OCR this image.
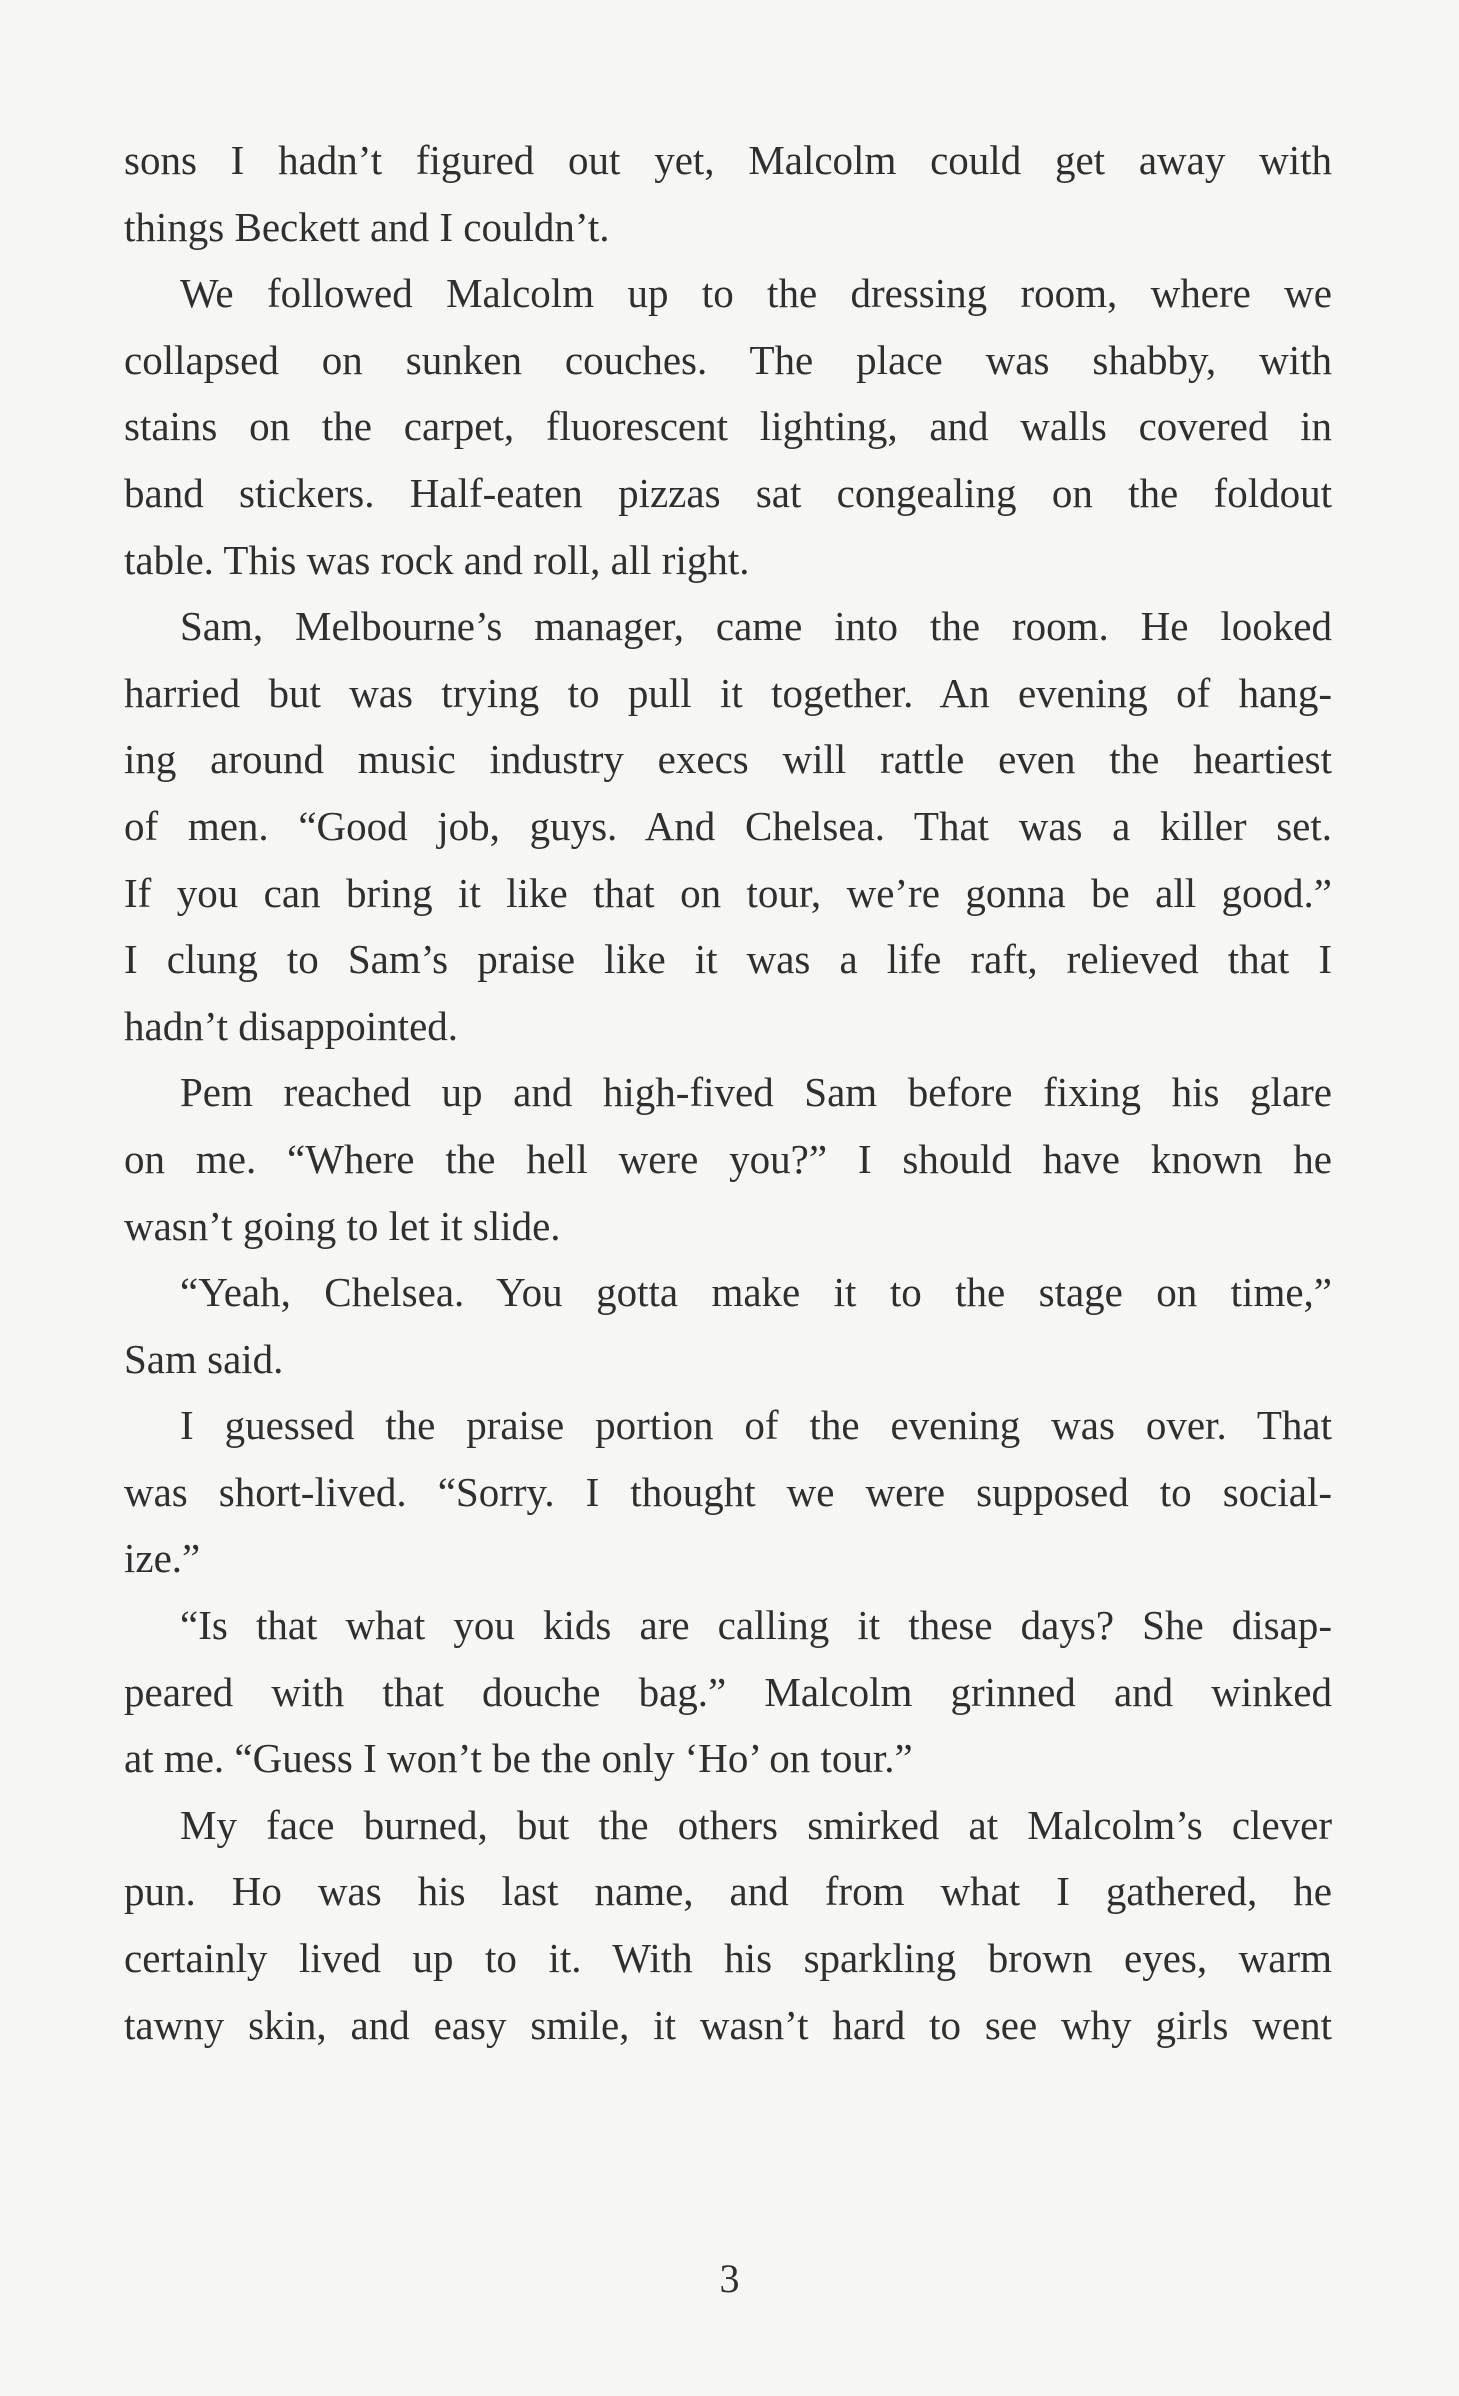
sons I hadn’t figured out yet, Malcolm could get away with
things Beckett and I couldn’t.
We followed Malcolm up to the dressing room, where we
collapsed on sunken couches. The place was shabby, with
stains on the carpet, fluorescent lighting, and walls covered in
band stickers. Half-eaten pizzas sat congealing on the foldout
table. This was rock and roll, all right.
Sam, Melbourne’s manager, came into the room. He looked
harried but was trying to pull it together. An evening of hang-
ing around music industry execs will rattle even the heartiest
of men. “Good job, guys. And Chelsea. That was a killer set.
If you can bring it like that on tour, we’re gonna be all good.”
I clung to Sam’s praise like it was a life raft, relieved that I
hadn’t disappointed.
Pem reached up and high-fived Sam before fixing his glare
on me. “Where the hell were you?” I should have known he
wasn’t going to let it slide.
“Yeah, Chelsea. You gotta make it to the stage on time,”
Sam said.
I guessed the praise portion of the evening was over. That
was short-lived. “Sorry. I thought we were supposed to social-
ize.”
“Is that what you kids are calling it these days? She disap-
peared with that douche bag.” Malcolm grinned and winked
at me. “Guess I won’t be the only ‘Ho’ on tour.”
My face burned, but the others smirked at Malcolm’s clever
pun. Ho was his last name, and from what I gathered, he
certainly lived up to it. With his sparkling brown eyes, warm
tawny skin, and easy smile, it wasn’t hard to see why girls went
3
